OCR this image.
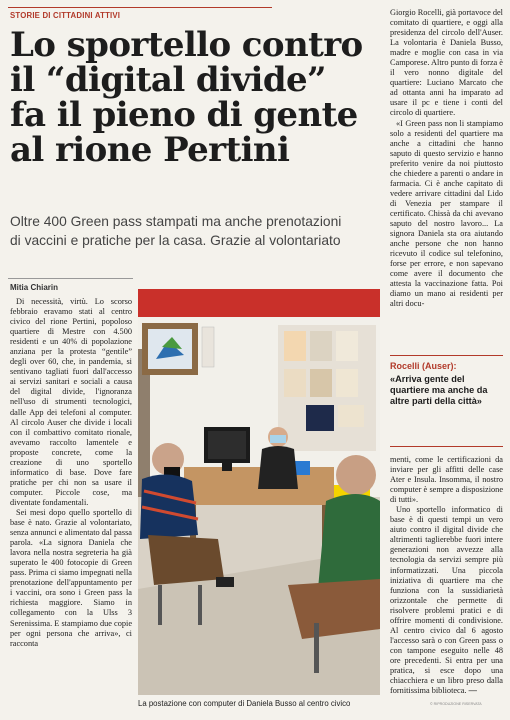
STORIE DI CITTADINI ATTIVI
Lo sportello contro
il “digital divide”
fa il pieno di gente
al rione Pertini
Oltre 400 Green pass stampati ma anche prenotazioni
di vaccini e pratiche per la casa. Grazie al volontariato
Mitia Chiarin

Di necessità, virtù. Lo scorso febbraio eravamo stati al centro civico del rione Pertini, popoloso quartiere di Mestre con 4.500 residenti e un 40% di popolazione anziana per la protesta “gentile” degli over 60, che, in pandemia, si sentivano tagliati fuori dall'accesso ai servizi sanitari e sociali a causa del digital divide, l'ignoranza nell'uso di strumenti tecnologici, dalle App dei telefoni al computer. Al circolo Auser che divide i locali con il combattivo comitato rionale, avevamo raccolto lamentele e proposte concrete, come la creazione di uno sportello informatico di base. Dove fare pratiche per chi non sa usare il computer. Piccole cose, ma diventate fondamentali.

Sei mesi dopo quello sportello di base è nato. Grazie al volontariato, senza annunci e alimentato dal passa parola. «La signora Daniela che lavora nella nostra segreteria ha già superato le 400 fotocopie di Green pass. Prima ci siamo impegnati nella prenotazione dell'appuntamento per i vaccini, ora sono i Green pass la richiesta maggiore. Siamo in collegamento con la Ulss 3 Serenissima. E stampiamo due copie per ogni persona che arriva», ci racconta

La postazione con computer di Daniela Busso al centro civico

Giorgio Rocelli, già portavoce del comitato di quartiere, e oggi alla presidenza del circolo dell'Auser. La volontaria è Daniela Busso, madre e moglie con casa in via Camporese. Altro punto di forza è il vero nonno digitale del quartiere: Luciano Marcato che ad ottanta anni ha imparato ad usare il pc e tiene i conti del circolo di quartiere.

«I Green pass non li stampiamo solo a residenti del quartiere ma anche a cittadini che hanno saputo di questo servizio e hanno preferito venire da noi piuttosto che chiedere a parenti o andare in farmacia. Ci è anche capitato di vedere arrivare cittadini dal Lido di Venezia per stampare il certificato. Chissà da chi avevano saputo del nostro lavoro... La signora Daniela sta ora aiutando anche persone che non hanno ricevuto il codice sul telefonino, forse per errore, e non sapevano come avere il documento che attesta la vaccinazione fatta. Poi diamo un mano ai residenti per altri docu-

Rocelli (Auser):
«Arriva gente del quartiere ma anche da altre parti della città»

menti, come le certificazioni da inviare per gli affitti delle case Ater e Insula. Insomma, il nostro computer è sempre a disposizione di tutti».

Uno sportello informatico di base è di questi tempi un vero aiuto contro il digital divide che altrimenti taglierebbe fuori intere generazioni non avvezze alla tecnologia da servizi sempre più informatizzati. Una piccola iniziativa di quartiere ma che funziona con la sussidiarietà orizzontale che permette di risolvere problemi pratici e di offrire momenti di condivisione. Al centro civico dal 6 agosto l'accesso sarà o con Green pass o con tampone eseguito nelle 48 ore precedenti. Si entra per una pratica, si esce dopo una chiacchiera e un libro preso dalla fornitissima biblioteca. —

© RIPRODUZIONE RISERVATA
